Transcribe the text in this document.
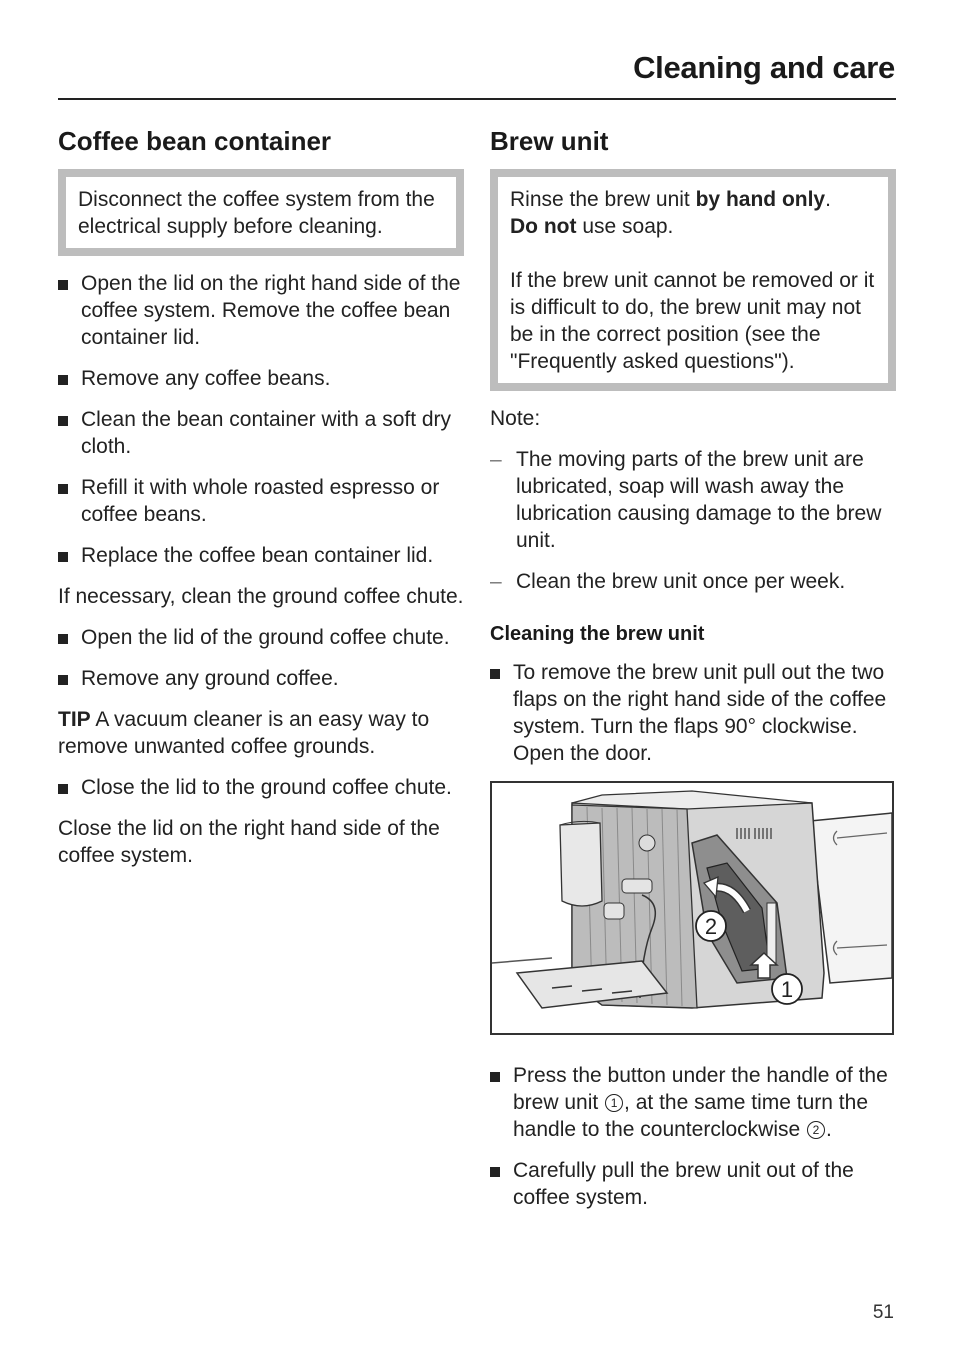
Cleaning and care
Coffee bean container

Disconnect the coffee system from the electrical supply before cleaning.

Open the lid on the right hand side of the coffee system. Remove the coffee bean container lid.
Remove any coffee beans.
Clean the bean container with a soft dry cloth.
Refill it with whole roasted espresso or coffee beans.
Replace the coffee bean container lid.

If necessary, clean the ground coffee chute.

Open the lid of the ground coffee chute.
Remove any ground coffee.

TIP A vacuum cleaner is an easy way to remove unwanted coffee grounds.

Close the lid to the ground coffee chute.

Close the lid on the right hand side of the coffee system.

Brew unit

Rinse the brew unit by hand only.
Do not use soap.

If the brew unit cannot be removed or it is difficult to do, the brew unit may not be in the correct position (see the "Frequently asked questions").

Note:

– The moving parts of the brew unit are lubricated, soap will wash away the lubrication causing damage to the brew unit.
– Clean the brew unit once per week.
Cleaning the brew unit
To remove the brew unit pull out the two flaps on the right hand side of the coffee system. Turn the flaps 90° clockwise. Open the door.
2
1
Press the button under the handle of the brew unit 1 , at the same time turn the handle to the counterclockwise 2 .
Carefully pull the brew unit out of the coffee system.
51
